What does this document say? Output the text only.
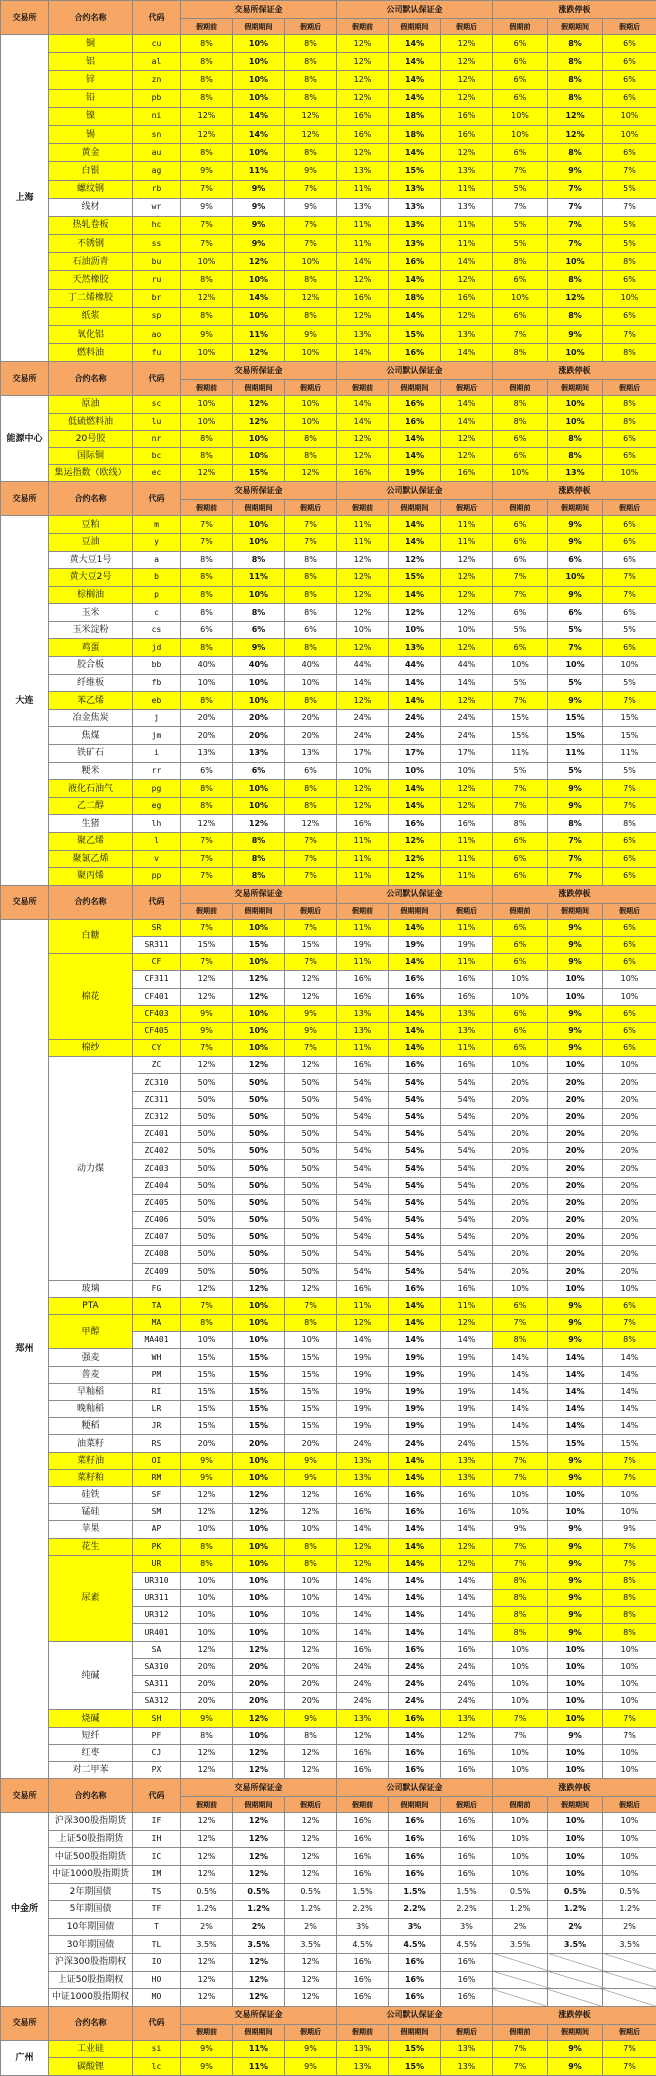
交易所	合约名称	代码	交易所保证金			公司默认保证金			涨跌停板		
			假期前	假期期间	假期后	假期前	假期期间	假期后	假期前	假期期间	假期后
上海	铜	cu	8%	10%	8%	12%	14%	12%	6%	8%	6%
	铝	al	8%	10%	8%	12%	14%	12%	6%	8%	6%
	锌	zn	8%	10%	8%	12%	14%	12%	6%	8%	6%
	铅	pb	8%	10%	8%	12%	14%	12%	6%	8%	6%
	镍	ni	12%	14%	12%	16%	18%	16%	10%	12%	10%
	锡	sn	12%	14%	12%	16%	18%	16%	10%	12%	10%
	黄金	au	8%	10%	8%	12%	14%	12%	6%	8%	6%
	白银	ag	9%	11%	9%	13%	15%	13%	7%	9%	7%
	螺纹钢	rb	7%	9%	7%	11%	13%	11%	5%	7%	5%
	线材	wr	9%	9%	9%	13%	13%	13%	7%	7%	7%
	热轧卷板	hc	7%	9%	7%	11%	13%	11%	5%	7%	5%
	不锈钢	ss	7%	9%	7%	11%	13%	11%	5%	7%	5%
	石油沥青	bu	10%	12%	10%	14%	16%	14%	8%	10%	8%
	天然橡胶	ru	8%	10%	8%	12%	14%	12%	6%	8%	6%
	丁二烯橡胶	br	12%	14%	12%	16%	18%	16%	10%	12%	10%
	纸浆	sp	8%	10%	8%	12%	14%	12%	6%	8%	6%
	氧化铝	ao	9%	11%	9%	13%	15%	13%	7%	9%	7%
	燃料油	fu	10%	12%	10%	14%	16%	14%	8%	10%	8%
交易所	合约名称	代码	交易所保证金			公司默认保证金			涨跌停板		
			假期前	假期期间	假期后	假期前	假期期间	假期后	假期前	假期期间	假期后
能源中心	原油	sc	10%	12%	10%	14%	16%	14%	8%	10%	8%
	低硫燃料油	lu	10%	12%	10%	14%	16%	14%	8%	10%	8%
	20号胶	nr	8%	10%	8%	12%	14%	12%	6%	8%	6%
	国际铜	bc	8%	10%	8%	12%	14%	12%	6%	8%	6%
	集运指数（欧线）	ec	12%	15%	12%	16%	19%	16%	10%	13%	10%
交易所	合约名称	代码	交易所保证金			公司默认保证金			涨跌停板		
			假期前	假期期间	假期后	假期前	假期期间	假期后	假期前	假期期间	假期后
大连	豆粕	m	7%	10%	7%	11%	14%	11%	6%	9%	6%
	豆油	y	7%	10%	7%	11%	14%	11%	6%	9%	6%
	黄大豆1号	a	8%	8%	8%	12%	12%	12%	6%	6%	6%
	黄大豆2号	b	8%	11%	8%	12%	15%	12%	7%	10%	7%
	棕榈油	p	8%	10%	8%	12%	14%	12%	7%	9%	7%
	玉米	c	8%	8%	8%	12%	12%	12%	6%	6%	6%
	玉米淀粉	cs	6%	6%	6%	10%	10%	10%	5%	5%	5%
	鸡蛋	jd	8%	9%	8%	12%	13%	12%	6%	7%	6%
	胶合板	bb	40%	40%	40%	44%	44%	44%	10%	10%	10%
	纤维板	fb	10%	10%	10%	14%	14%	14%	5%	5%	5%
	苯乙烯	eb	8%	10%	8%	12%	14%	12%	7%	9%	7%
	冶金焦炭	j	20%	20%	20%	24%	24%	24%	15%	15%	15%
	焦煤	jm	20%	20%	20%	24%	24%	24%	15%	15%	15%
	铁矿石	i	13%	13%	13%	17%	17%	17%	11%	11%	11%
	粳米	rr	6%	6%	6%	10%	10%	10%	5%	5%	5%
	液化石油气	pg	8%	10%	8%	12%	14%	12%	7%	9%	7%
	乙二醇	eg	8%	10%	8%	12%	14%	12%	7%	9%	7%
	生猪	lh	12%	12%	12%	16%	16%	16%	8%	8%	8%
	聚乙烯	l	7%	8%	7%	11%	12%	11%	6%	7%	6%
	聚氯乙烯	v	7%	8%	7%	11%	12%	11%	6%	7%	6%
	聚丙烯	pp	7%	8%	7%	11%	12%	11%	6%	7%	6%
交易所	合约名称	代码	交易所保证金			公司默认保证金			涨跌停板		
			假期前	假期期间	假期后	假期前	假期期间	假期后	假期前	假期期间	假期后
郑州	白糖	SR	7%	10%	7%	11%	14%	11%	6%	9%	6%
		SR311	15%	15%	15%	19%	19%	19%	6%	9%	6%
	棉花	CF	7%	10%	7%	11%	14%	11%	6%	9%	6%
		CF311	12%	12%	12%	16%	16%	16%	10%	10%	10%
		CF401	12%	12%	12%	16%	16%	16%	10%	10%	10%
		CF403	9%	10%	9%	13%	14%	13%	6%	9%	6%
		CF405	9%	10%	9%	13%	14%	13%	6%	9%	6%
	棉纱	CY	7%	10%	7%	11%	14%	11%	6%	9%	6%
	动力煤	ZC	12%	12%	12%	16%	16%	16%	10%	10%	10%
		ZC310	50%	50%	50%	54%	54%	54%	20%	20%	20%
		ZC311	50%	50%	50%	54%	54%	54%	20%	20%	20%
		ZC312	50%	50%	50%	54%	54%	54%	20%	20%	20%
		ZC401	50%	50%	50%	54%	54%	54%	20%	20%	20%
		ZC402	50%	50%	50%	54%	54%	54%	20%	20%	20%
		ZC403	50%	50%	50%	54%	54%	54%	20%	20%	20%
		ZC404	50%	50%	50%	54%	54%	54%	20%	20%	20%
		ZC405	50%	50%	50%	54%	54%	54%	20%	20%	20%
		ZC406	50%	50%	50%	54%	54%	54%	20%	20%	20%
		ZC407	50%	50%	50%	54%	54%	54%	20%	20%	20%
		ZC408	50%	50%	50%	54%	54%	54%	20%	20%	20%
		ZC409	50%	50%	50%	54%	54%	54%	20%	20%	20%
	玻璃	FG	12%	12%	12%	16%	16%	16%	10%	10%	10%
	PTA	TA	7%	10%	7%	11%	14%	11%	6%	9%	6%
	甲醇	MA	8%	10%	8%	12%	14%	12%	7%	9%	7%
		MA401	10%	10%	10%	14%	14%	14%	8%	9%	8%
	强麦	WH	15%	15%	15%	19%	19%	19%	14%	14%	14%
	普麦	PM	15%	15%	15%	19%	19%	19%	14%	14%	14%
	早籼稻	RI	15%	15%	15%	19%	19%	19%	14%	14%	14%
	晚籼稻	LR	15%	15%	15%	19%	19%	19%	14%	14%	14%
	粳稻	JR	15%	15%	15%	19%	19%	19%	14%	14%	14%
	油菜籽	RS	20%	20%	20%	24%	24%	24%	15%	15%	15%
	菜籽油	OI	9%	10%	9%	13%	14%	13%	7%	9%	7%
	菜籽粕	RM	9%	10%	9%	13%	14%	13%	7%	9%	7%
	硅铁	SF	12%	12%	12%	16%	16%	16%	10%	10%	10%
	锰硅	SM	12%	12%	12%	16%	16%	16%	10%	10%	10%
	苹果	AP	10%	10%	10%	14%	14%	14%	9%	9%	9%
	花生	PK	8%	10%	8%	12%	14%	12%	7%	9%	7%
	尿素	UR	8%	10%	8%	12%	14%	12%	7%	9%	7%
		UR310	10%	10%	10%	14%	14%	14%	8%	9%	8%
		UR311	10%	10%	10%	14%	14%	14%	8%	9%	8%
		UR312	10%	10%	10%	14%	14%	14%	8%	9%	8%
		UR401	10%	10%	10%	14%	14%	14%	8%	9%	8%
	纯碱	SA	12%	12%	12%	16%	16%	16%	10%	10%	10%
		SA310	20%	20%	20%	24%	24%	24%	10%	10%	10%
		SA311	20%	20%	20%	24%	24%	24%	10%	10%	10%
		SA312	20%	20%	20%	24%	24%	24%	10%	10%	10%
	烧碱	SH	9%	12%	9%	13%	16%	13%	7%	10%	7%
	短纤	PF	8%	10%	8%	12%	14%	12%	7%	9%	7%
	红枣	CJ	12%	12%	12%	16%	16%	16%	10%	10%	10%
	对二甲苯	PX	12%	12%	12%	16%	16%	16%	10%	10%	10%
交易所	合约名称	代码	交易所保证金			公司默认保证金			涨跌停板		
			假期前	假期期间	假期后	假期前	假期期间	假期后	假期前	假期期间	假期后
中金所	沪深300股指期货	IF	12%	12%	12%	16%	16%	16%	10%	10%	10%
	上证50股指期货	IH	12%	12%	12%	16%	16%	16%	10%	10%	10%
	中证500股指期货	IC	12%	12%	12%	16%	16%	16%	10%	10%	10%
	中证1000股指期货	IM	12%	12%	12%	16%	16%	16%	10%	10%	10%
	2年期国债	TS	0.5%	0.5%	0.5%	1.5%	1.5%	1.5%	0.5%	0.5%	0.5%
	5年期国债	TF	1.2%	1.2%	1.2%	2.2%	2.2%	2.2%	1.2%	1.2%	1.2%
	10年期国债	T	2%	2%	2%	3%	3%	3%	2%	2%	2%
	30年期国债	TL	3.5%	3.5%	3.5%	4.5%	4.5%	4.5%	3.5%	3.5%	3.5%
	沪深300股指期权	IO	12%	12%	12%	16%	16%	16%			
	上证50股指期权	HO	12%	12%	12%	16%	16%	16%			
	中证1000股指期权	MO	12%	12%	12%	16%	16%	16%			
交易所	合约名称	代码	交易所保证金			公司默认保证金			涨跌停板		
			假期前	假期期间	假期后	假期前	假期期间	假期后	假期前	假期期间	假期后
广州	工业硅	si	9%	11%	9%	13%	15%	13%	7%	9%	7%
	碳酸锂	lc	9%	11%	9%	13%	15%	13%	7%	9%	7%
